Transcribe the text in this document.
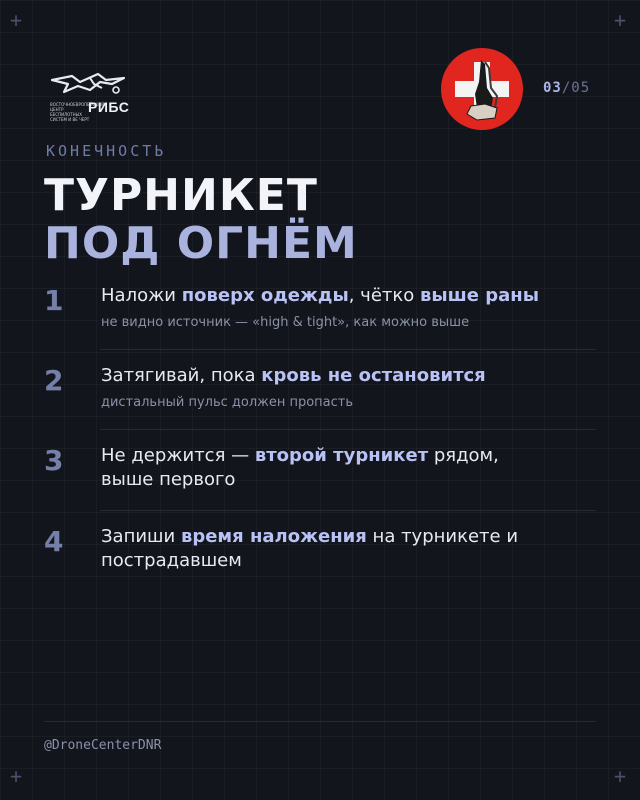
+	+
+	+
ВОСТОЧНОЕВРОПЕЙСКИЙ ЦЕНТР БЕСПИЛОТНЫХ СИСТЕМ И ВЕ ЧЕРТ
РИБС
03/05
КОНЕЧНОСТЬ
ТУРНИКЕТ
ПОД ОГНЁМ
1 Наложи поверх одежды, чётко выше раны
не видно источник — «high & tight», как можно выше
2 Затягивай, пока кровь не остановится
дистальный пульс должен пропасть
3 Не держится — второй турникет рядом, выше первого
4 Запиши время наложения на турникете и пострадавшем
@DroneCenterDNR
